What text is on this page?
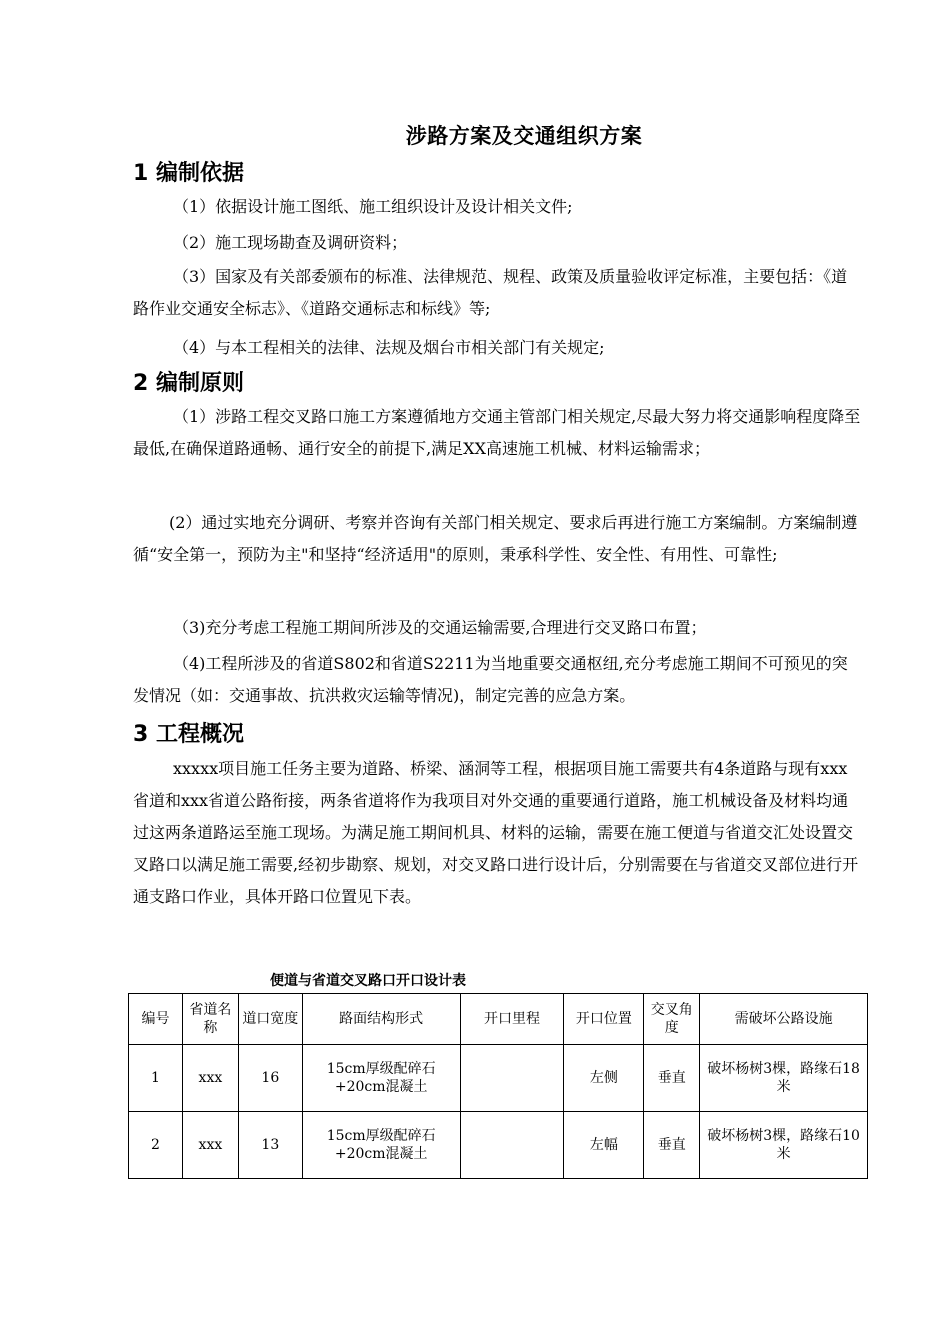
涉路方案及交通组织方案
1 编制依据

（1）依据设计施工图纸、施工组织设计及设计相关文件;

（2）施工现场勘查及调研资料；

（3）国家及有关部委颁布的标准、法律规范、规程、政策及质量验收评定标准，主要包括：《道路作业交通安全标志》、《道路交通标志和标线》等;

（4）与本工程相关的法律、法规及烟台市相关部门有关规定;

2 编制原则

（1）涉路工程交叉路口施工方案遵循地方交通主管部门相关规定,尽最大努力将交通影响程度降至最低,在确保道路通畅、通行安全的前提下,满足XX高速施工机械、材料运输需求；

(2）通过实地充分调研、考察并咨询有关部门相关规定、要求后再进行施工方案编制。方案编制遵循“安全第一，预防为主"和坚持“经济适用"的原则，秉承科学性、安全性、有用性、可靠性;

（3)充分考虑工程施工期间所涉及的交通运输需要,合理进行交叉路口布置；

（4)工程所涉及的省道S802和省道S2211为当地重要交通枢纽,充分考虑施工期间不可预见的突发情况（如：交通事故、抗洪救灾运输等情况)，制定完善的应急方案。

3 工程概况

xxxxx项目施工任务主要为道路、桥梁、涵洞等工程，根据项目施工需要共有4条道路与现有xxx省道和xxx省道公路衔接，两条省道将作为我项目对外交通的重要通行道路，施工机械设备及材料均通过这两条道路运至施工现场。为满足施工期间机具、材料的运输，需要在施工便道与省道交汇处设置交叉路口以满足施工需要,经初步勘察、规划，对交叉路口进行设计后，分别需要在与省道交叉部位进行开通支路口作业，具体开路口位置见下表。

便道与省道交叉路口开口设计表
编号	省道名称	道口宽度	路面结构形式	开口里程	开口位置	交叉角度	需破坏公路设施
1	xxx	16	15cm厚级配碎石+20cm混凝土		左侧	垂直	破坏杨树3棵，路缘石18米
2	xxx	13	15cm厚级配碎石+20cm混凝土		左幅	垂直	破坏杨树3棵，路缘石10米
